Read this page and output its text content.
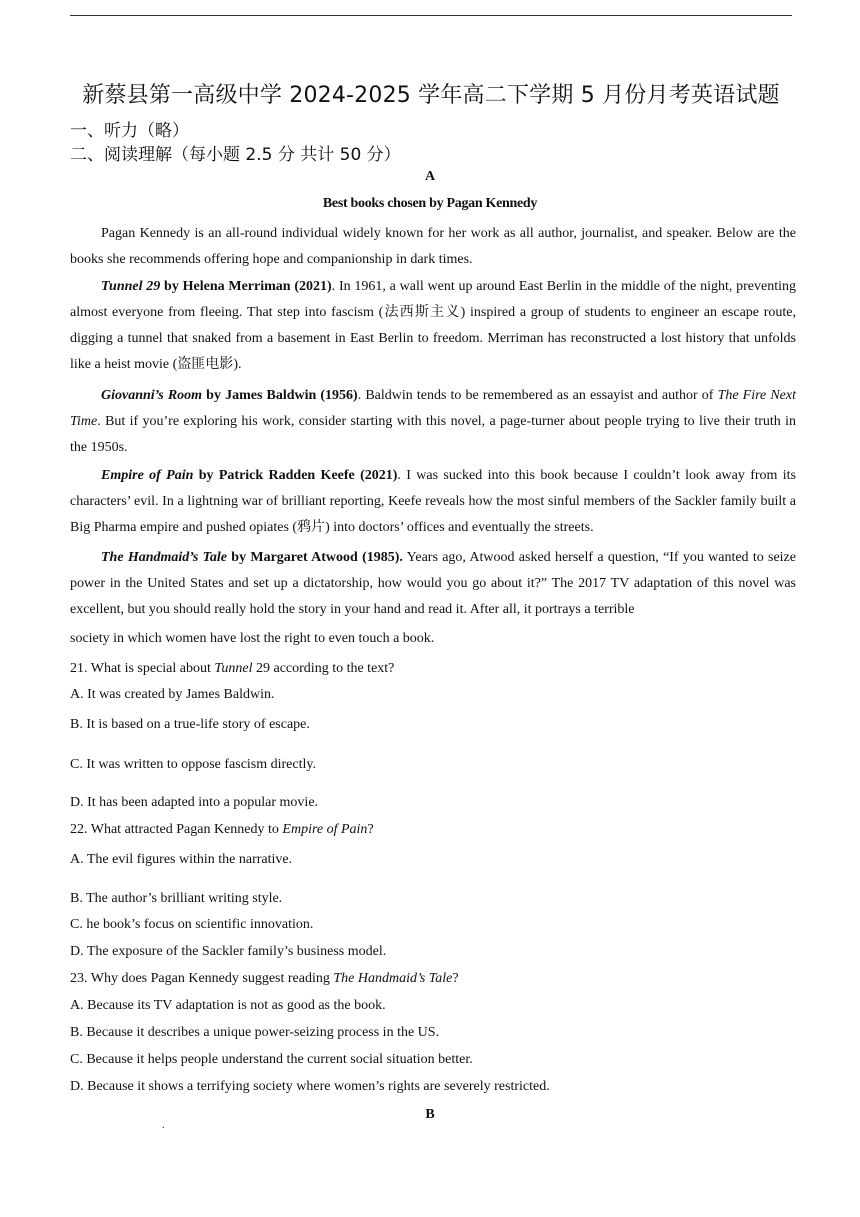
新蔡县第一高级中学 2024-2025 学年高二下学期 5 月份月考英语试题
一、听力（略）
二、阅读理解（每小题 2.5 分 共计 50 分）
A
Best books chosen by Pagan Kennedy
Pagan Kennedy is an all-round individual widely known for her work as all author, journalist, and speaker. Below are the books she recommends offering hope and companionship in dark times.
Tunnel 29 by Helena Merriman (2021). In 1961, a wall went up around East Berlin in the middle of the night, preventing almost everyone from fleeing. That step into fascism (法西斯主义) inspired a group of students to engineer an escape route, digging a tunnel that snaked from a basement in East Berlin to freedom. Merriman has reconstructed a lost history that unfolds like a heist movie (盗匪电影).
Giovanni’s Room by James Baldwin (1956). Baldwin tends to be remembered as an essayist and author of The Fire Next Time. But if you’re exploring his work, consider starting with this novel, a page-turner about people trying to live their truth in the 1950s.
Empire of Pain by Patrick Radden Keefe (2021). I was sucked into this book because I couldn’t look away from its characters’ evil. In a lightning war of brilliant reporting, Keefe reveals how the most sinful members of the Sackler family built a Big Pharma empire and pushed opiates (鸦片) into doctors’ offices and eventually the streets.
The Handmaid’s Tale by Margaret Atwood (1985). Years ago, Atwood asked herself a question, “If you wanted to seize power in the United States and set up a dictatorship, how would you go about it?” The 2017 TV adaptation of this novel was excellent, but you should really hold the story in your hand and read it. After all, it portrays a terrible
society in which women have lost the right to even touch a book.
21. What is special about Tunnel 29 according to the text?
A. It was created by James Baldwin.
B. It is based on a true-life story of escape.
C. It was written to oppose fascism directly.
D. It has been adapted into a popular movie.
22. What attracted Pagan Kennedy to Empire of Pain?
A. The evil figures within the narrative.
B. The author’s brilliant writing style.
C. he book’s focus on scientific innovation.
D. The exposure of the Sackler family’s business model.
23. Why does Pagan Kennedy suggest reading The Handmaid’s Tale?
A. Because its TV adaptation is not as good as the book.
B. Because it describes a unique power-seizing process in the US.
C. Because it helps people understand the current social situation better.
D. Because it shows a terrifying society where women’s rights are severely restricted.
B
.
